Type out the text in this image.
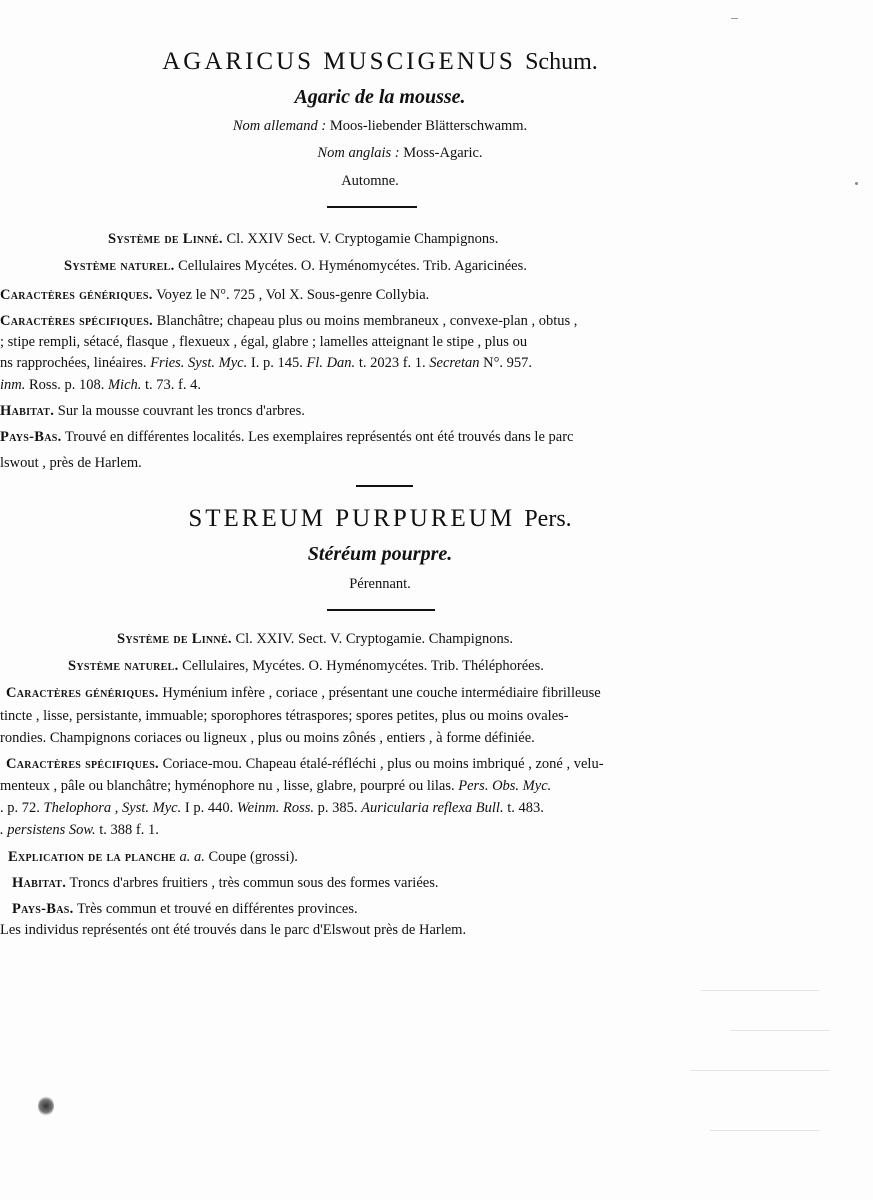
AGARICUS MUSCIGENUS Schum.
Agaric de la mousse.
Nom allemand : Moos-liebender Blätterschwamm.
Nom anglais : Moss-Agaric.
Automne.
Système de Linné. Cl. XXIV Sect. V. Cryptogamie Champignons.
Système naturel. Cellulaires Mycétes. O. Hyménomycétes. Trib. Agaricinées.
Caractères génériques. Voyez le N°. 725 , Vol X. Sous-genre Collybia.
Caractères spécifiques. Blanchâtre; chapeau plus ou moins membraneux , convexe-plan , obtus ,
; stipe rempli, sétacé, flasque , flexueux , égal, glabre ; lamelles atteignant le stipe , plus ou
ns rapprochées, linéaires. Fries. Syst. Myc. I. p. 145. Fl. Dan. t. 2023 f. 1. Secretan N°. 957.
inm. Ross. p. 108. Mich. t. 73. f. 4.
Habitat. Sur la mousse couvrant les troncs d'arbres.
Pays-Bas. Trouvé en différentes localités. Les exemplaires représentés ont été trouvés dans le parc
lswout , près de Harlem.
STEREUM PURPUREUM Pers.
Stéréum pourpre.
Pérennant.
Système de Linné. Cl. XXIV. Sect. V. Cryptogamie. Champignons.
Système naturel. Cellulaires, Mycétes. O. Hyménomycétes. Trib. Théléphorées.
Caractères génériques. Hyménium infère , coriace , présentant une couche intermédiaire fibrilleuse
tincte , lisse, persistante, immuable; sporophores tétraspores; spores petites, plus ou moins ovales-
rondies. Champignons coriaces ou ligneux , plus ou moins zônés , entiers , à forme définiée.
Caractères spécifiques. Coriace-mou. Chapeau étalé-réfléchi , plus ou moins imbriqué , zoné , velu-
menteux , pâle ou blanchâtre; hyménophore nu , lisse, glabre, pourpré ou lilas. Pers. Obs. Myc.
. p. 72. Thelophora , Syst. Myc. I p. 440. Weinm. Ross. p. 385. Auricularia reflexa Bull. t. 483.
. persistens Sow. t. 388 f. 1.
Explication de la planche a. a. Coupe (grossi).
Habitat. Troncs d'arbres fruitiers , très commun sous des formes variées.
Pays-Bas. Très commun et trouvé en différentes provinces.
Les individus représentés ont été trouvés dans le parc d'Elswout près de Harlem.
